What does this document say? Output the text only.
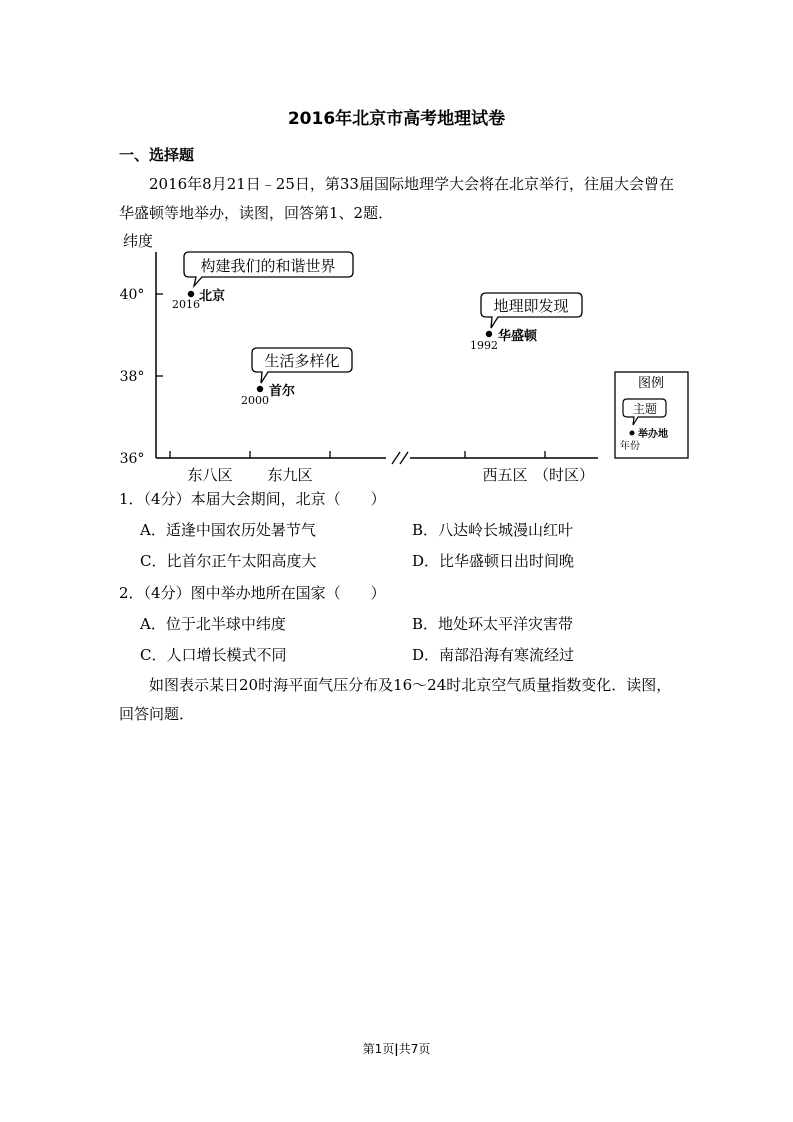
2016年北京市高考地理试卷
一、选择题
2016年8月21日﹣25日，第33届国际地理学大会将在北京举行，往届大会曾在华盛顿等地举办，读图，回答第1、2题．
纬度
40°
38°
36°
东八区 东九区	西五区 （时区）
构建我们的和谐世界
2016
北京
生活多样化
2000
首尔
地理即发现
1992
华盛顿
图例
主题
举办地
年份
1．（4分）本届大会期间，北京（　　）
A．适逢中国农历处暑节气	B．八达岭长城漫山红叶
C．比首尔正午太阳高度大	D．比华盛顿日出时间晚
2．（4分）图中举办地所在国家（　　）
A．位于北半球中纬度	B．地处环太平洋灾害带
C．人口增长模式不同	D．南部沿海有寒流经过
如图表示某日20时海平面气压分布及16～24时北京空气质量指数变化．读图，回答问题．
第1页|共7页
